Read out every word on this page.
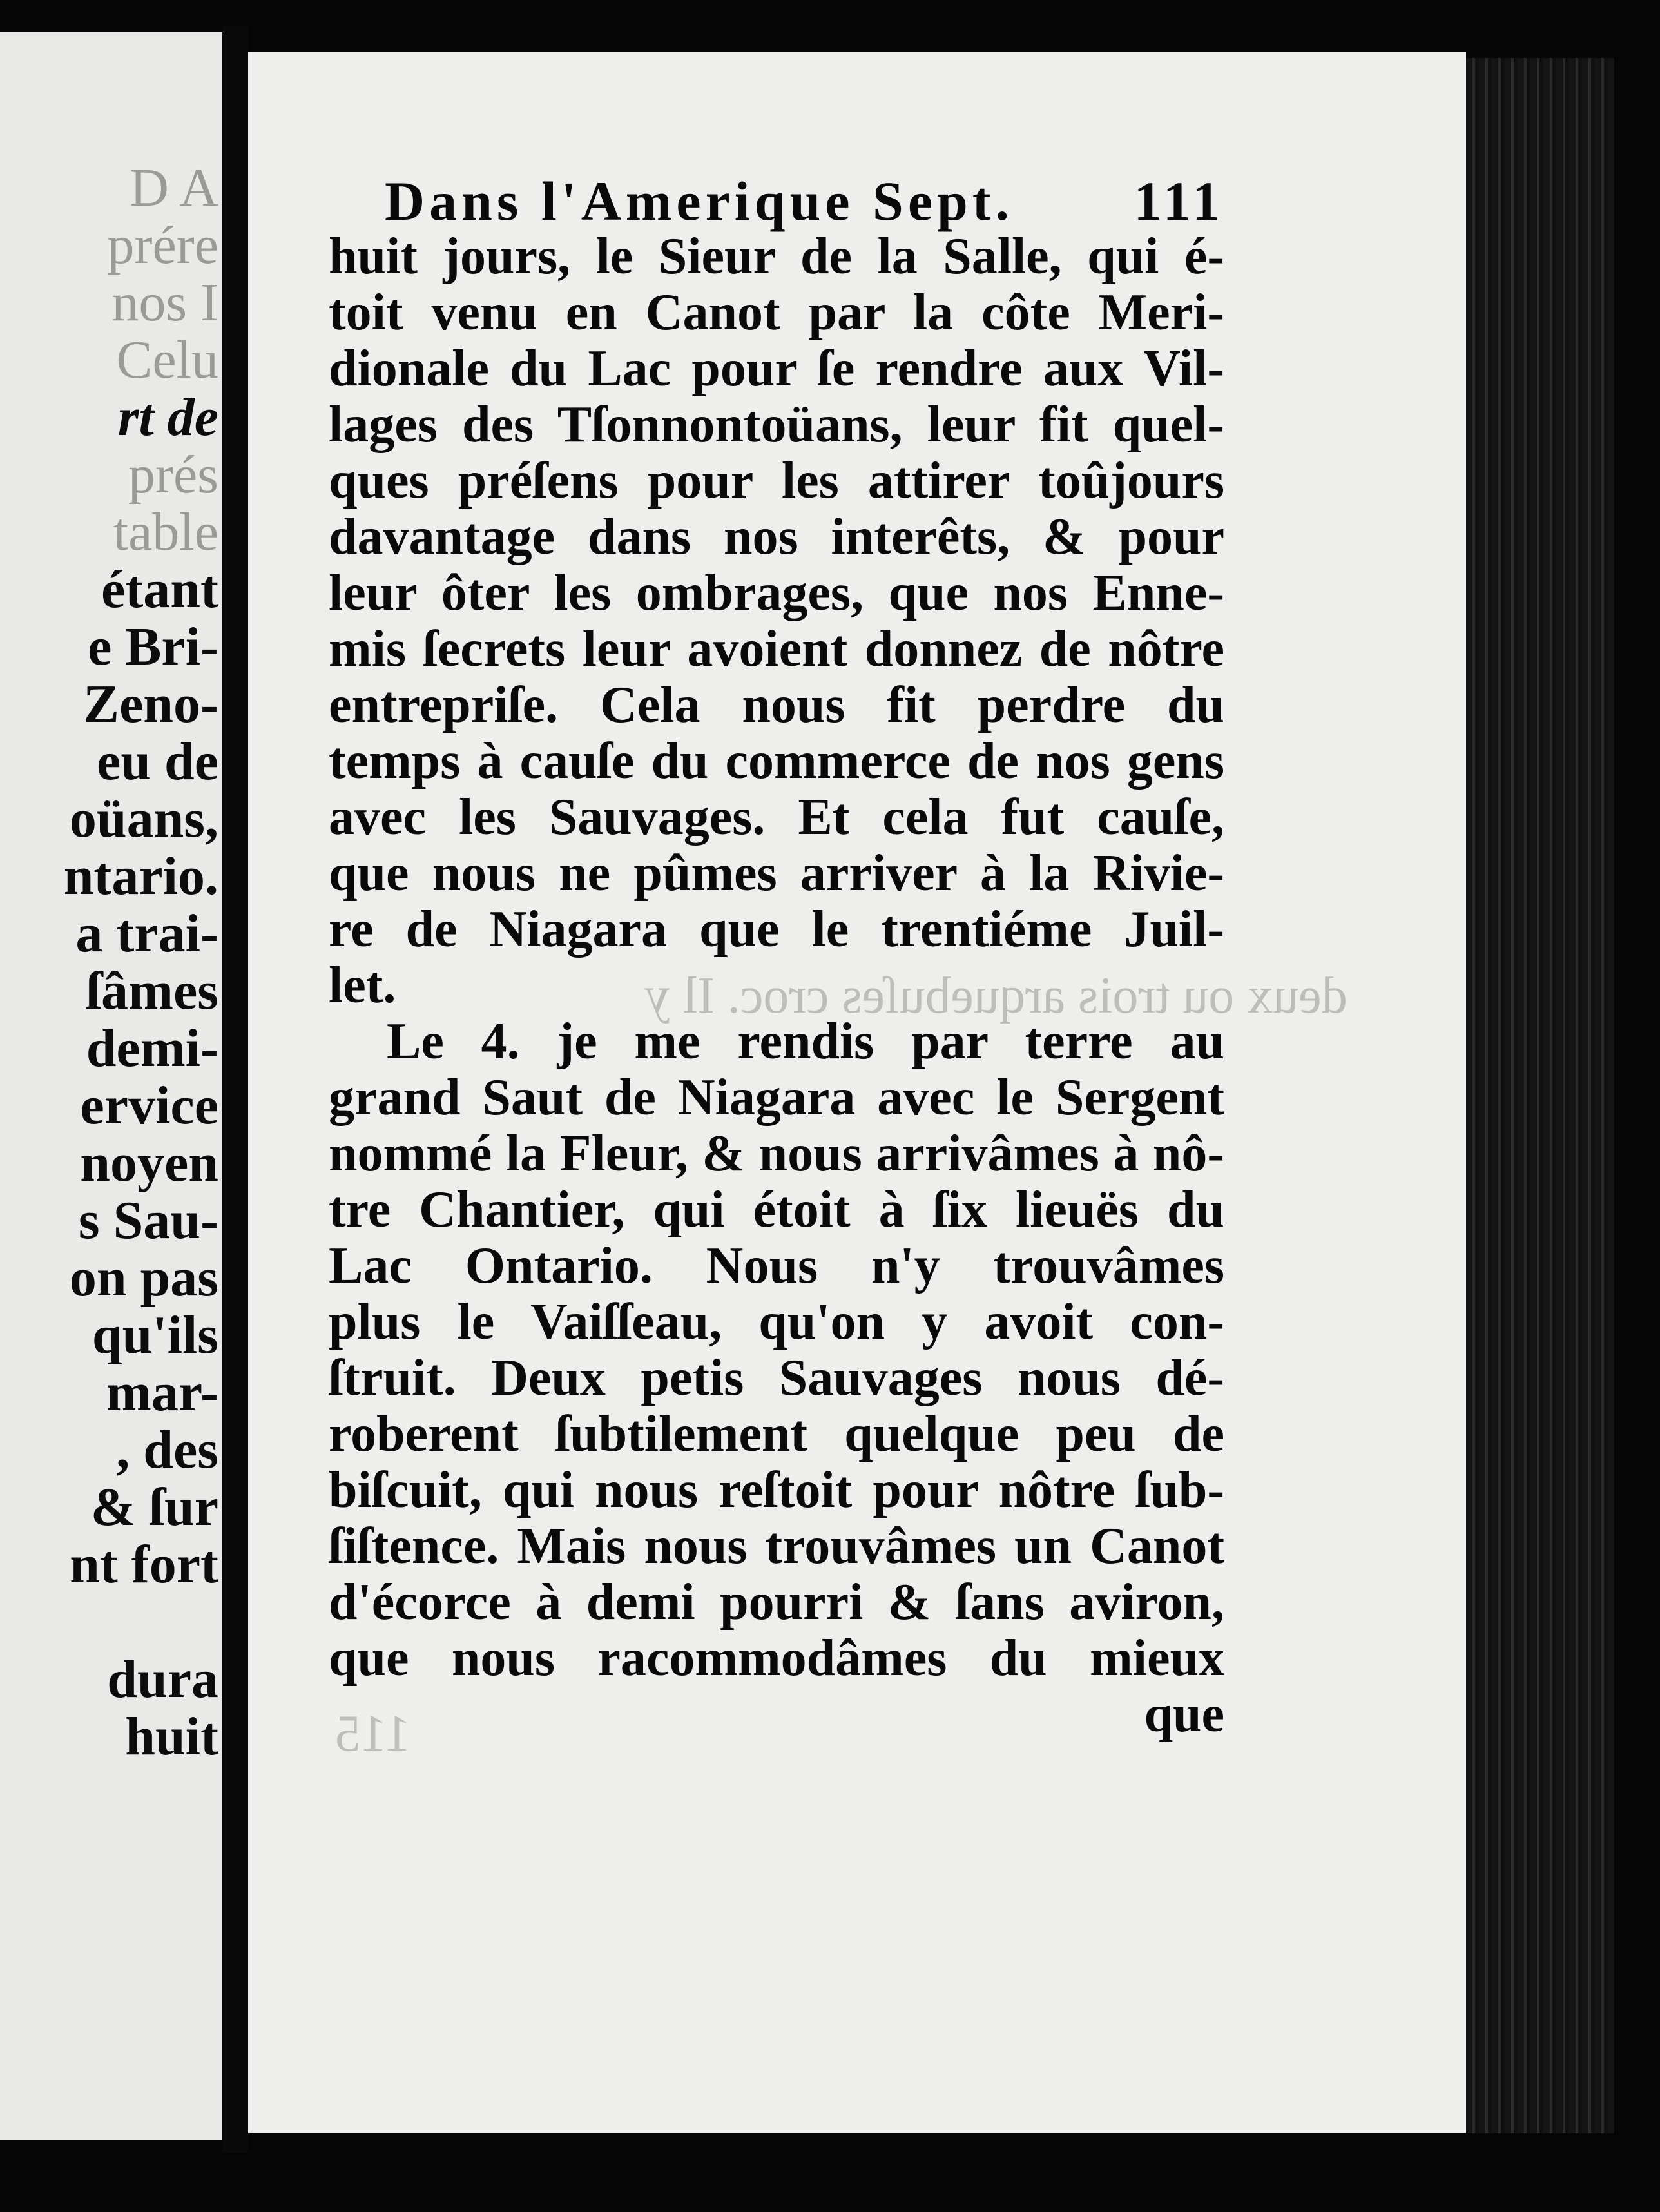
D A

prére

nos I

Celu

rt de

prés

table

étant

e Bri-

Zeno-

eu de

oüans,

ntario.

a trai-

ſâmes

demi-

ervice

noyen

s Sau-

on pas

qu'ils

mar-

, des

& ſur

nt fort

dura

huit

deux ou trois arquebuſes croc. Il y
115
Dans l'Amerique Sept. 111

huit jours, le Sieur de la Salle, qui é-

toit venu en Canot par la côte Meri-

dionale du Lac pour ſe rendre aux Vil-

lages des Tſonnontoüans, leur fit quel-

ques préſens pour les attirer toûjours

davantage dans nos interêts, & pour

leur ôter les ombrages, que nos Enne-

mis ſecrets leur avoient donnez de nôtre

entrepriſe. Cela nous fit perdre du

temps à cauſe du commerce de nos gens

avec les Sauvages. Et cela fut cauſe,

que nous ne pûmes arriver à la Rivie-

re de Niagara que le trentiéme Juil-

let.

Le 4. je me rendis par terre au

grand Saut de Niagara avec le Sergent

nommé la Fleur, & nous arrivâmes à nô-

tre Chantier, qui étoit à ſix lieuës du

Lac Ontario. Nous n'y trouvâmes

plus le Vaiſſeau, qu'on y avoit con-

ſtruit. Deux petis Sauvages nous dé-

roberent ſubtilement quelque peu de

biſcuit, qui nous reſtoit pour nôtre ſub-

ſiſtence. Mais nous trouvâmes un Canot

d'écorce à demi pourri & ſans aviron,

que nous racommodâmes du mieux

que
